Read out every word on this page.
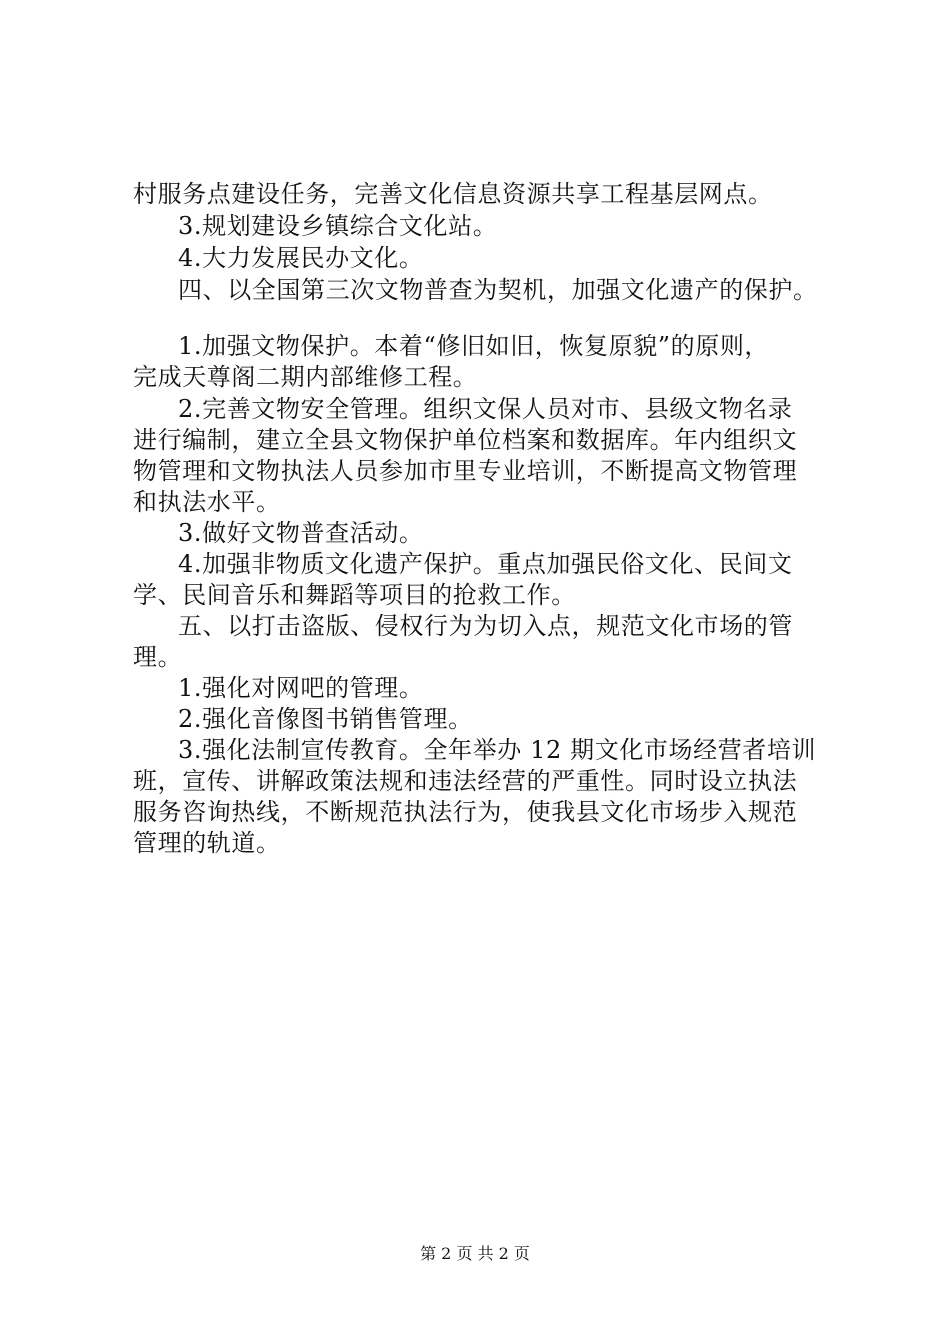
村服务点建设任务，完善文化信息资源共享工程基层网点。
3.规划建设乡镇综合文化站。
4.大力发展民办文化。
四、以全国第三次文物普查为契机，加强文化遗产的保护。
1.加强文物保护。本着“修旧如旧，恢复原貌”的原则，
完成天尊阁二期内部维修工程。
2.完善文物安全管理。组织文保人员对市、县级文物名录
进行编制，建立全县文物保护单位档案和数据库。年内组织文
物管理和文物执法人员参加市里专业培训，不断提高文物管理
和执法水平。
3.做好文物普查活动。
4.加强非物质文化遗产保护。重点加强民俗文化、民间文
学、民间音乐和舞蹈等项目的抢救工作。
五、以打击盗版、侵权行为为切入点，规范文化市场的管
理。
1.强化对网吧的管理。
2.强化音像图书销售管理。
3.强化法制宣传教育。全年举办 12 期文化市场经营者培训
班，宣传、讲解政策法规和违法经营的严重性。同时设立执法
服务咨询热线，不断规范执法行为，使我县文化市场步入规范
管理的轨道。
第 2 页 共 2 页
